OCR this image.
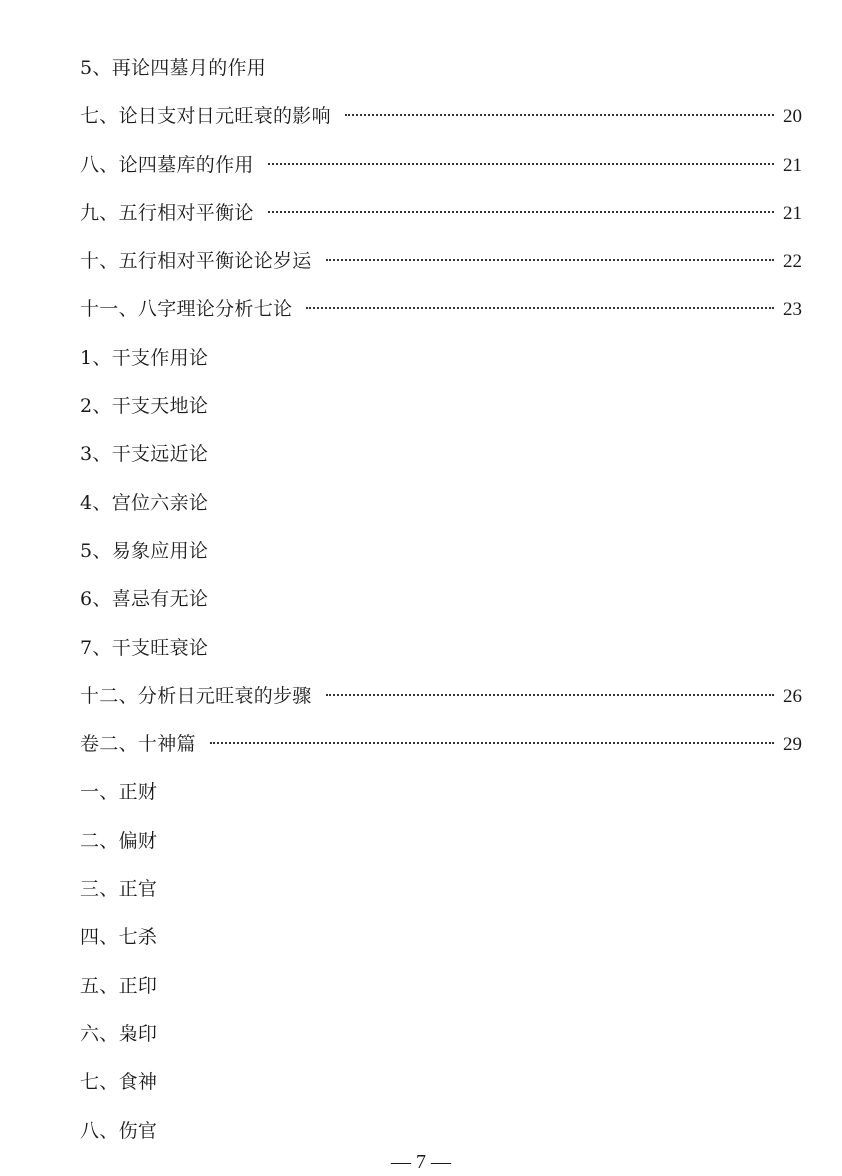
5、再论四墓月的作用
七、论日支对日元旺衰的影响	20
八、论四墓库的作用	21
九、五行相对平衡论	21
十、五行相对平衡论论岁运	22
十一、八字理论分析七论	23
1、干支作用论
2、干支天地论
3、干支远近论
4、宫位六亲论
5、易象应用论
6、喜忌有无论
7、干支旺衰论
十二、分析日元旺衰的步骤	26
卷二、十神篇	29
一、正财
二、偏财
三、正官
四、七杀
五、正印
六、枭印
七、食神
八、伤官
— 7 —
